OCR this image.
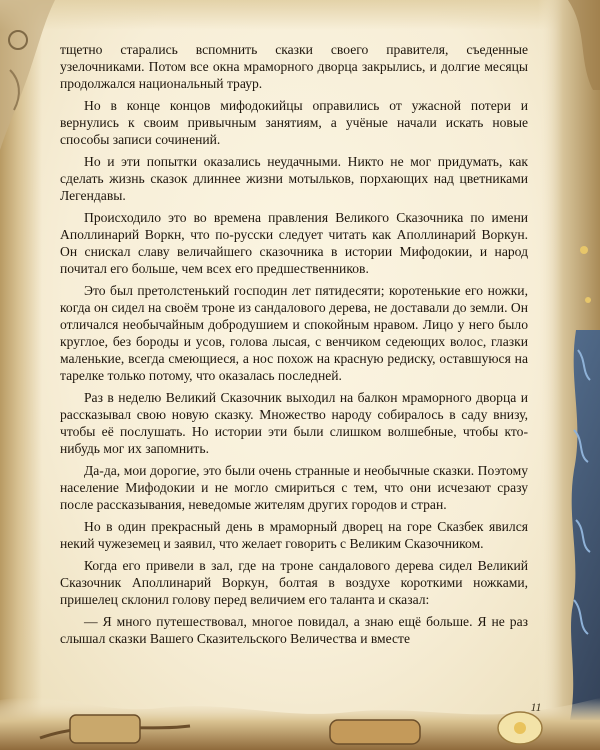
тщетно старались вспомнить сказки своего правителя, съеденные узелочниками. Потом все окна мраморного дворца закрылись, и долгие месяцы продолжался национальный траур.

Но в конце концов мифодокийцы оправились от ужасной потери и вернулись к своим привычным занятиям, а учёные начали искать новые способы записи сочинений.

Но и эти попытки оказались неудачными. Никто не мог придумать, как сделать жизнь сказок длиннее жизни мотыльков, порхающих над цветниками Легендавы.

Происходило это во времена правления Великого Сказочника по имени Аполлинарий Воркн, что по-русски следует читать как Аполлинарий Воркун. Он снискал славу величайшего сказочника в истории Мифодокии, и народ почитал его больше, чем всех его предшественников.

Это был претолстенький господин лет пятидесяти; коротенькие его ножки, когда он сидел на своём троне из сандалового дерева, не доставали до земли. Он отличался необычайным добродушием и спокойным нравом. Лицо у него было круглое, без бороды и усов, голова лысая, с венчиком седеющих волос, глазки маленькие, всегда смеющиеся, а нос похож на красную редиску, оставшуюся на тарелке только потому, что оказалась последней.

Раз в неделю Великий Сказочник выходил на балкон мраморного дворца и рассказывал свою новую сказку. Множество народу собиралось в саду внизу, чтобы её послушать. Но истории эти были слишком волшебные, чтобы кто-нибудь мог их запомнить.

Да-да, мои дорогие, это были очень странные и необычные сказки. Поэтому население Мифодокии и не могло смириться с тем, что они исчезают сразу после рассказывания, неведомые жителям других городов и стран.

Но в один прекрасный день в мраморный дворец на горе Сказбек явился некий чужеземец и заявил, что желает говорить с Великим Сказочником.

Когда его привели в зал, где на троне сандалового дерева сидел Великий Сказочник Аполлинарий Воркун, болтая в воздухе короткими ножками, пришелец склонил голову перед величием его таланта и сказал:

— Я много путешествовал, многое повидал, а знаю ещё больше. Я не раз слышал сказки Вашего Сказительского Величества и вместе

11
